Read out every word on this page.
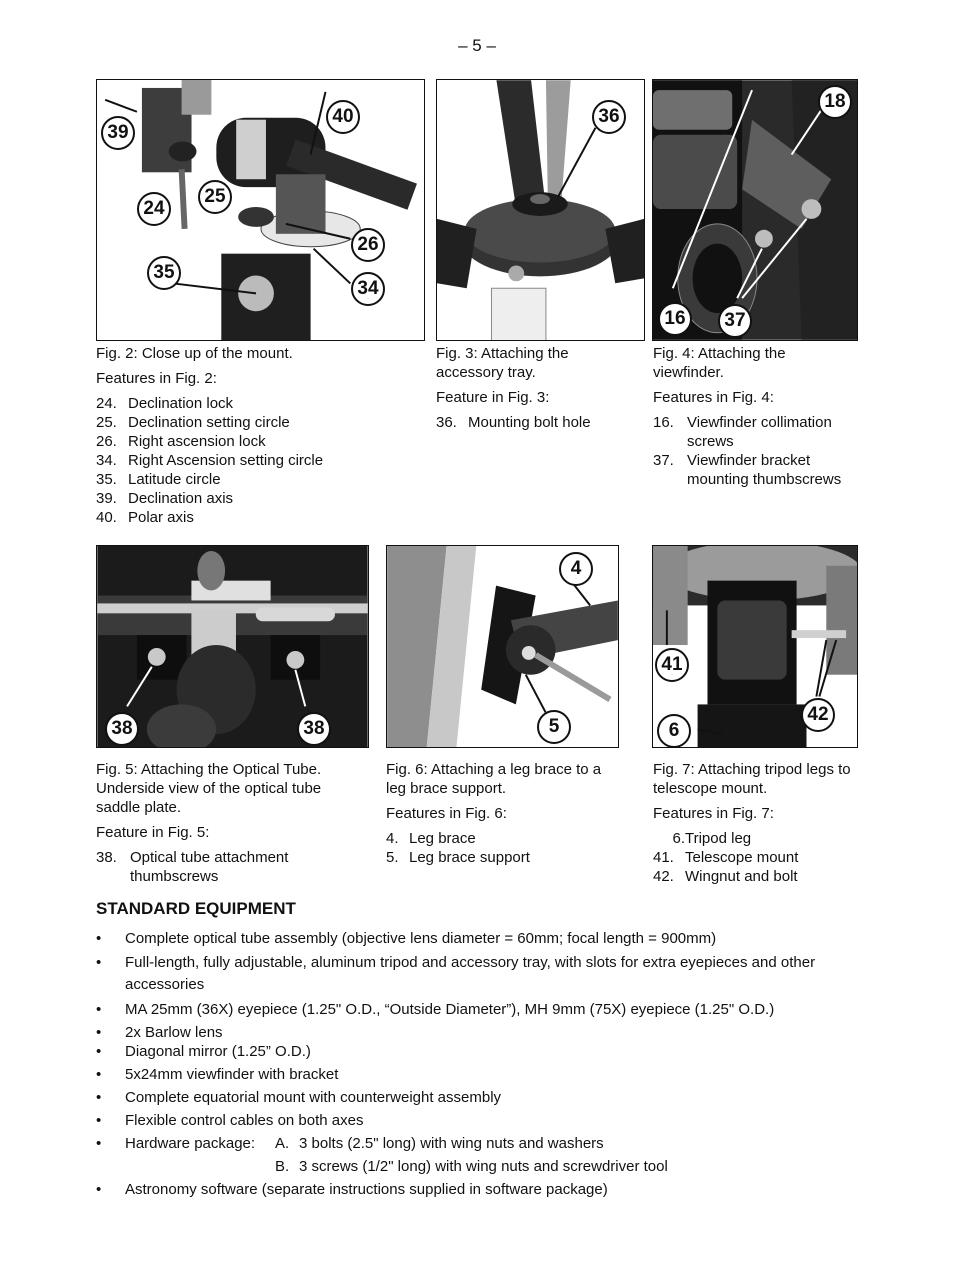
– 5 –
39
40
24
25
26
35
34
36
18
16	37

Fig. 2: Close up of the mount.

Features in Fig. 2:

24. Declination lock
25. Declination setting circle
26. Right ascension lock
34. Right Ascension setting circle
35. Latitude circle
39. Declination axis
40. Polar axis

Fig. 3: Attaching the accessory tray.

Feature in Fig. 3:

36. Mounting bolt hole

Fig. 4: Attaching the viewfinder.

Features in Fig. 4:

16. Viewfinder collimation screws
37. Viewfinder bracket mounting thumbscrews
38	38
4
5
41
6
42

Fig. 5: Attaching the Optical Tube. Underside view of the optical tube saddle plate.

Feature in Fig. 5:

38. Optical tube attachment thumbscrews

Fig. 6: Attaching a leg brace to a leg brace support.

Features in Fig. 6:

4. Leg brace
5. Leg brace support

Fig. 7: Attaching tripod legs to telescope mount.

Features in Fig. 7:

6. Tripod leg
41. Telescope mount
42. Wingnut and bolt
STANDARD EQUIPMENT
•	Complete optical tube assembly (objective lens diameter = 60mm; focal length = 900mm)
•	Full-length, fully adjustable, aluminum tripod and accessory tray, with slots for extra eyepieces and other accessories
•	MA 25mm (36X) eyepiece (1.25" O.D., “Outside Diameter”), MH 9mm (75X) eyepiece (1.25" O.D.)
•	2x Barlow lens
•	Diagonal mirror (1.25” O.D.)
•	5x24mm viewfinder with bracket
•	Complete equatorial mount with counterweight assembly
•	Flexible control cables on both axes
•	Hardware package:	A. 3 bolts (2.5" long) with wing nuts and washers
B. 3 screws (1/2" long) with wing nuts and screwdriver tool
•	Astronomy software (separate instructions supplied in software package)
